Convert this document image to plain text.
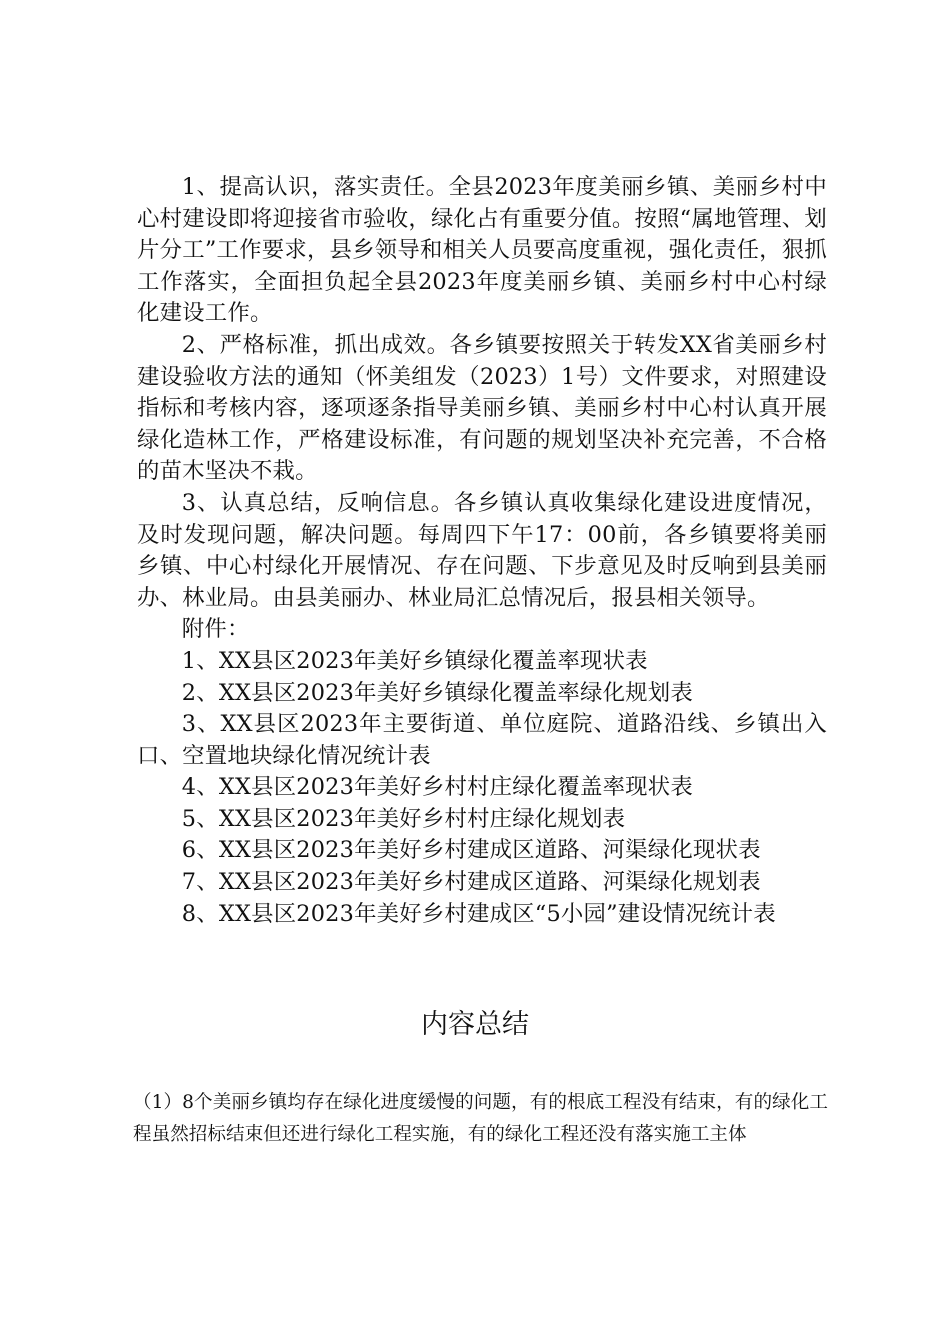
1、提高认识，落实责任。全县2023年度美丽乡镇、美丽乡村中心村建设即将迎接省市验收，绿化占有重要分值。按照“属地管理、划片分工”工作要求，县乡领导和相关人员要高度重视，强化责任，狠抓工作落实，全面担负起全县2023年度美丽乡镇、美丽乡村中心村绿化建设工作。

2、严格标准，抓出成效。各乡镇要按照关于转发XX省美丽乡村建设验收方法的通知（怀美组发（2023）1号）文件要求，对照建设指标和考核内容，逐项逐条指导美丽乡镇、美丽乡村中心村认真开展绿化造林工作，严格建设标准，有问题的规划坚决补充完善，不合格的苗木坚决不栽。

3、认真总结，反响信息。各乡镇认真收集绿化建设进度情况，及时发现问题，解决问题。每周四下午17：00前，各乡镇要将美丽乡镇、中心村绿化开展情况、存在问题、下步意见及时反响到县美丽办、林业局。由县美丽办、林业局汇总情况后，报县相关领导。

附件：

1、XX县区2023年美好乡镇绿化覆盖率现状表

2、XX县区2023年美好乡镇绿化覆盖率绿化规划表

3、XX县区2023年主要街道、单位庭院、道路沿线、乡镇出入口、空置地块绿化情况统计表

4、XX县区2023年美好乡村村庄绿化覆盖率现状表

5、XX县区2023年美好乡村村庄绿化规划表

6、XX县区2023年美好乡村建成区道路、河渠绿化现状表

7、XX县区2023年美好乡村建成区道路、河渠绿化规划表

8、XX县区2023年美好乡村建成区“5小园”建设情况统计表

内容总结

（1）8个美丽乡镇均存在绿化进度缓慢的问题，有的根底工程没有结束，有的绿化工程虽然招标结束但还进行绿化工程实施，有的绿化工程还没有落实施工主体
